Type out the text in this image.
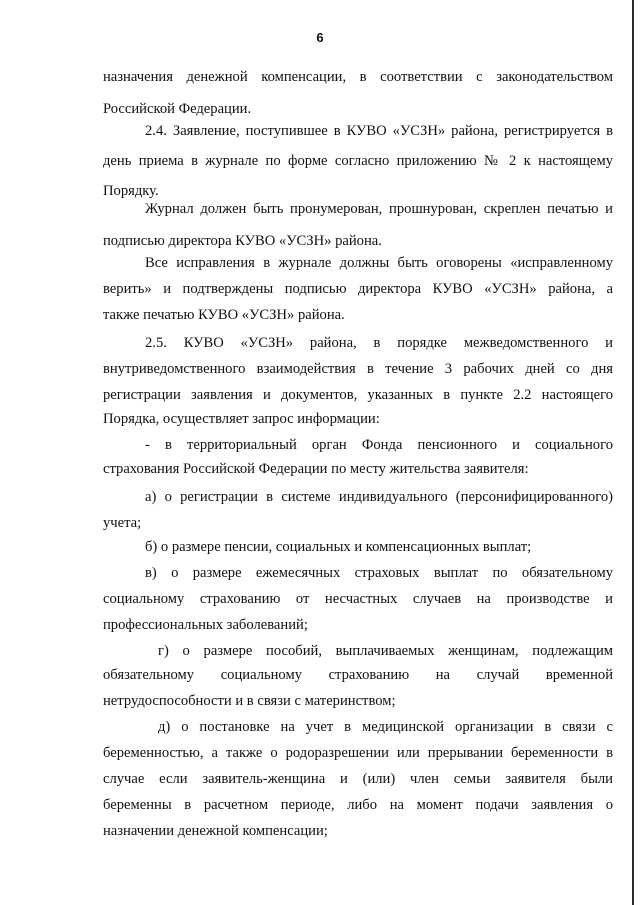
6
назначения денежной компенсации, в соответствии с законодательством
Российской Федерации.
2.4. Заявление, поступившее в КУВО «УСЗН» района, регистрируется в
день приема в журнале по форме согласно приложению № 2 к настоящему
Порядку.
Журнал должен быть пронумерован, прошнурован, скреплен печатью и
подписью директора КУВО «УСЗН» района.
Все исправления в журнале должны быть оговорены «исправленному
верить» и подтверждены подписью директора КУВО «УСЗН» района, а
также печатью КУВО «УСЗН» района.
2.5. КУВО «УСЗН» района, в порядке межведомственного и
внутриведомственного взаимодействия в течение 3 рабочих дней со дня
регистрации заявления и документов, указанных в пункте 2.2 настоящего
Порядка, осуществляет запрос информации:
- в территориальный орган Фонда пенсионного и социального
страхования Российской Федерации по месту жительства заявителя:
а) о регистрации в системе индивидуального (персонифицированного)
учета;
б) о размере пенсии, социальных и компенсационных выплат;
в) о размере ежемесячных страховых выплат по обязательному
социальному страхованию от несчастных случаев на производстве и
профессиональных заболеваний;
г) о размере пособий, выплачиваемых женщинам, подлежащим
обязательному социальному страхованию на случай временной
нетрудоспособности и в связи с материнством;
д) о постановке на учет в медицинской организации в связи с
беременностью, а также о родоразрешении или прерывании беременности в
случае если заявитель-женщина и (или) член семьи заявителя были
беременны в расчетном периоде, либо на момент подачи заявления о
назначении денежной компенсации;
